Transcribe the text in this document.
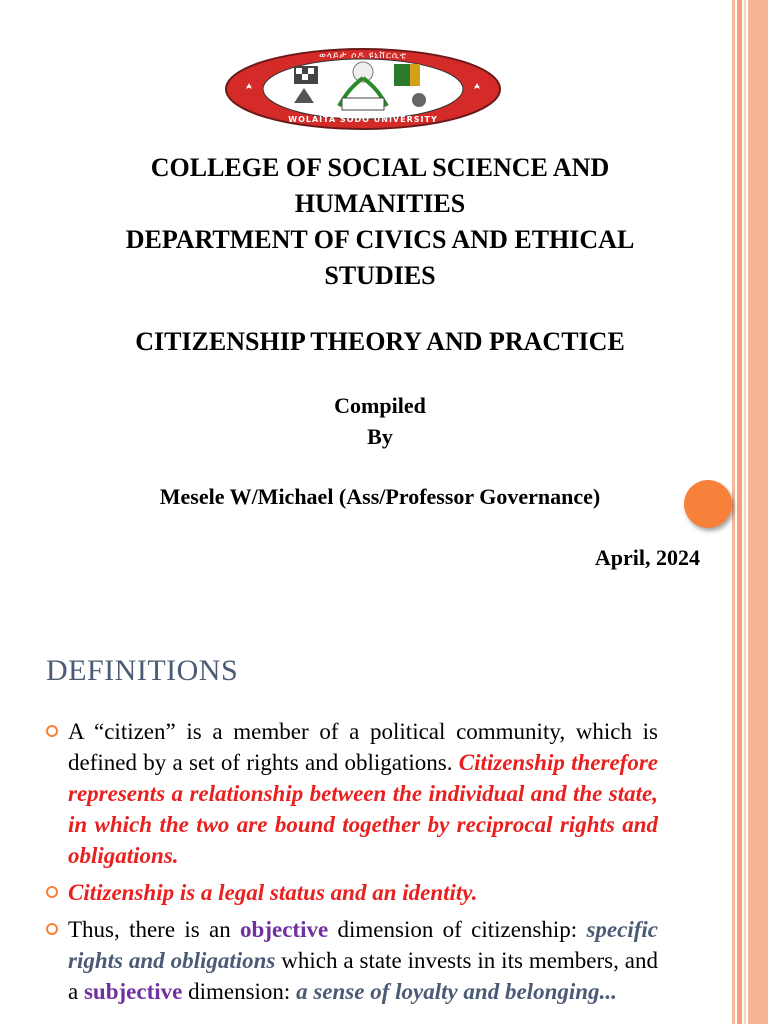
ወላይታ ሶዶ ዩኒቨርሲቲ
WOLAITA SODO UNIVERSITY
W S U
COLLEGE OF SOCIAL SCIENCE AND
HUMANITIES
DEPARTMENT OF CIVICS AND ETHICAL
STUDIES
CITIZENSHIP THEORY AND PRACTICE
Compiled
By
Mesele W/Michael (Ass/Professor Governance)
April, 2024
DEFINITIONS
A “citizen” is a member of a political community, which is defined by a set of rights and obligations. Citizenship therefore represents a relationship between the individual and the state, in which the two are bound together by reciprocal rights and obligations.
Citizenship is a legal status and an identity.
Thus, there is an objective dimension of citizenship: specific rights and obligations which a state invests in its members, and a subjective dimension: a sense of loyalty and belonging...
